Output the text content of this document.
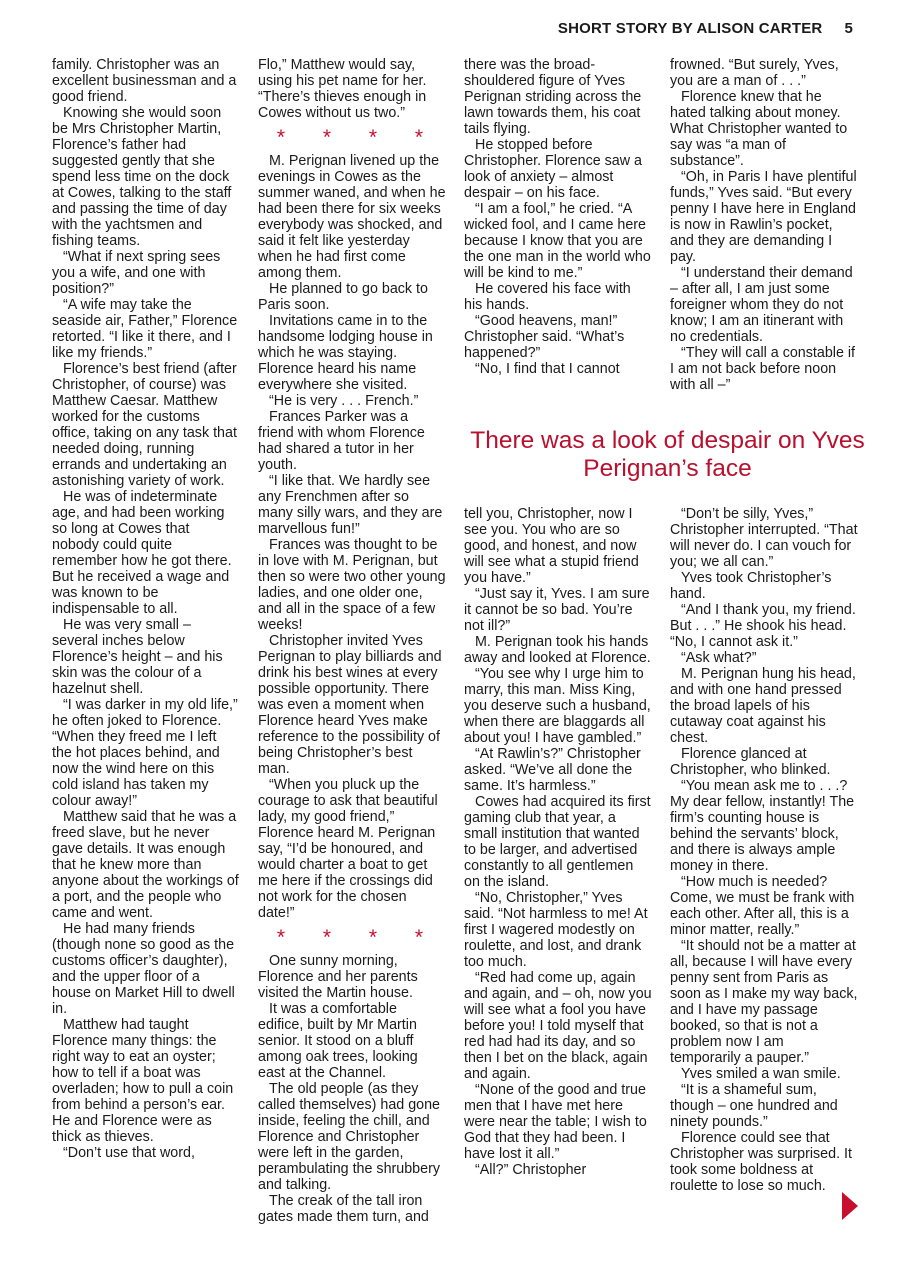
SHORT STORY BY ALISON CARTER 5

family. Christopher was an excellent businessman and a good friend.

Knowing she would soon be Mrs Christopher Martin, Florence’s father had suggested gently that she spend less time on the dock at Cowes, talking to the staff and passing the time of day with the yachtsmen and fishing teams.

“What if next spring sees you a wife, and one with position?”

“A wife may take the seaside air, Father,” Florence retorted. “I like it there, and I like my friends.”

Florence’s best friend (after Christopher, of course) was Matthew Caesar. Matthew worked for the customs office, taking on any task that needed doing, running errands and undertaking an astonishing variety of work.

He was of indeterminate age, and had been working so long at Cowes that nobody could quite remember how he got there. But he received a wage and was known to be indispensable to all.

He was very small – several inches below Florence’s height – and his skin was the colour of a hazelnut shell.

“I was darker in my old life,” he often joked to Florence. “When they freed me I left the hot places behind, and now the wind here on this cold island has taken my colour away!”

Matthew said that he was a freed slave, but he never gave details. It was enough that he knew more than anyone about the workings of a port, and the people who came and went.

He had many friends (though none so good as the customs officer’s daughter), and the upper floor of a house on Market Hill to dwell in.

Matthew had taught Florence many things: the right way to eat an oyster; how to tell if a boat was overladen; how to pull a coin from behind a person’s ear. He and Florence were as thick as thieves.

“Don’t use that word,

Flo,” Matthew would say, using his pet name for her. “There’s thieves enough in Cowes without us two.”

* * * *

M. Perignan livened up the evenings in Cowes as the summer waned, and when he had been there for six weeks everybody was shocked, and said it felt like yesterday when he had first come among them.

He planned to go back to Paris soon.

Invitations came in to the handsome lodging house in which he was staying. Florence heard his name everywhere she visited.

“He is very . . . French.”

Frances Parker was a friend with whom Florence had shared a tutor in her youth.

“I like that. We hardly see any Frenchmen after so many silly wars, and they are marvellous fun!”

Frances was thought to be in love with M. Perignan, but then so were two other young ladies, and one older one, and all in the space of a few weeks!

Christopher invited Yves Perignan to play billiards and drink his best wines at every possible opportunity. There was even a moment when Florence heard Yves make reference to the possibility of being Christopher’s best man.

“When you pluck up the courage to ask that beautiful lady, my good friend,” Florence heard M. Perignan say, “I’d be honoured, and would charter a boat to get me here if the crossings did not work for the chosen date!”

* * * *

One sunny morning, Florence and her parents visited the Martin house.

It was a comfortable edifice, built by Mr Martin senior. It stood on a bluff among oak trees, looking east at the Channel.

The old people (as they called themselves) had gone inside, feeling the chill, and Florence and Christopher were left in the garden, perambulating the shrubbery and talking.

The creak of the tall iron gates made them turn, and

there was the broad-shouldered figure of Yves Perignan striding across the lawn towards them, his coat tails flying.

He stopped before Christopher. Florence saw a look of anxiety – almost despair – on his face.

“I am a fool,” he cried. “A wicked fool, and I came here because I know that you are the one man in the world who will be kind to me.”

He covered his face with his hands.

“Good heavens, man!” Christopher said. “What’s happened?”

“No, I find that I cannot

frowned. “But surely, Yves, you are a man of . . .”

Florence knew that he hated talking about money. What Christopher wanted to say was “a man of substance”.

“Oh, in Paris I have plentiful funds,” Yves said. “But every penny I have here in England is now in Rawlin’s pocket, and they are demanding I pay.

“I understand their demand – after all, I am just some foreigner whom they do not know; I am an itinerant with no credentials.

“They will call a constable if I am not back before noon with all –”

tell you, Christopher, now I see you. You who are so good, and honest, and now will see what a stupid friend you have.”

“Just say it, Yves. I am sure it cannot be so bad. You’re not ill?”

M. Perignan took his hands away and looked at Florence.

“You see why I urge him to marry, this man. Miss King, you deserve such a husband, when there are blaggards all about you! I have gambled.”

“At Rawlin’s?” Christopher asked. “We’ve all done the same. It’s harmless.”

Cowes had acquired its first gaming club that year, a small institution that wanted to be larger, and advertised constantly to all gentlemen on the island.

“No, Christopher,” Yves said. “Not harmless to me! At first I wagered modestly on roulette, and lost, and drank too much.

“Red had come up, again and again, and – oh, now you will see what a fool you have before you! I told myself that red had had its day, and so then I bet on the black, again and again.

“None of the good and true men that I have met here were near the table; I wish to God that they had been. I have lost it all.”

“All?” Christopher

“Don’t be silly, Yves,” Christopher interrupted. “That will never do. I can vouch for you; we all can.”

Yves took Christopher’s hand.

“And I thank you, my friend. But . . .” He shook his head. “No, I cannot ask it.”

“Ask what?”

M. Perignan hung his head, and with one hand pressed the broad lapels of his cutaway coat against his chest.

Florence glanced at Christopher, who blinked.

“You mean ask me to . . .? My dear fellow, instantly! The firm’s counting house is behind the servants’ block, and there is always ample money in there.

“How much is needed? Come, we must be frank with each other. After all, this is a minor matter, really.”

“It should not be a matter at all, because I will have every penny sent from Paris as soon as I make my way back, and I have my passage booked, so that is not a problem now I am temporarily a pauper.”

Yves smiled a wan smile.

“It is a shameful sum, though – one hundred and ninety pounds.”

Florence could see that Christopher was surprised. It took some boldness at roulette to lose so much.

There was a look of despair on Yves Perignan’s face
